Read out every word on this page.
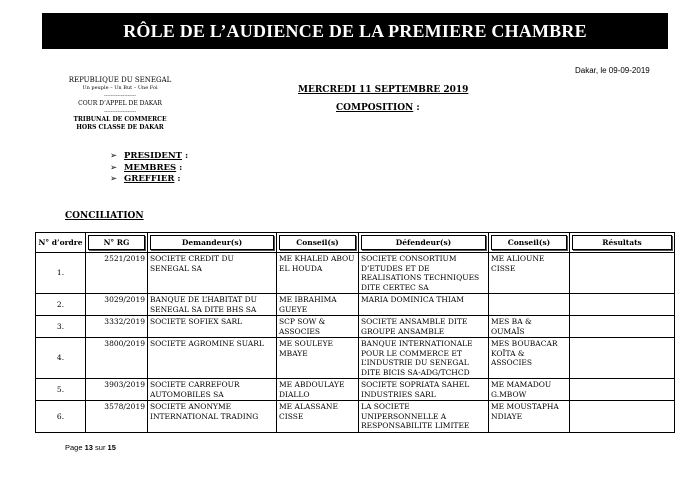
RÔLE DE L’AUDIENCE DE LA PREMIERE CHAMBRE
REPUBLIQUE DU SENEGAL
Un peuple – Un But – Une Foi
-------------------
COUR D’APPEL DE DAKAR
-------------------
TRIBUNAL DE COMMERCE
HORS CLASSE DE DAKAR
Dakar, le 09-09-2019
MERCREDI 11 SEPTEMBRE 2019
COMPOSITION :
➢ PRESIDENT :
➢ MEMBRES :
➢ GREFFIER :
CONCILIATION
N° d’ordre	N° RG	Demandeur(s)	Conseil(s)	Défendeur(s)	Conseil(s)	Résultats

1.	2521/2019	SOCIETE CREDIT DU SENEGAL SA	ME KHALED ABOU EL HOUDA	SOCIETE CONSORTIUM D’ETUDES ET DE REALISATIONS TECHNIQUES DITE CERTEC SA	ME ALIOUNE CISSE	
2.	3029/2019	BANQUE DE L’HABITAT DU SENEGAL SA DITE BHS SA	ME IBRAHIMA GUEYE	MARIA DOMINICA THIAM		
3.	3332/2019	SOCIETE SOFIEX SARL	SCP SOW & ASSOCIES	SOCIETE ANSAMBLE DITE GROUPE ANSAMBLE	MES BA & OUMAÏS	
4.	3800/2019	SOCIETE AGROMINE SUARL	ME SOULEYE MBAYE	BANQUE INTERNATIONALE POUR LE COMMERCE ET L’INDUSTRIE DU SENEGAL DITE BICIS SA-ADG/TCHCD	MES BOUBACAR KOÏTA & ASSOCIES	
5.	3903/2019	SOCIETE CARREFOUR AUTOMOBILES SA	ME ABDOULAYE DIALLO	SOCIETE SOPRIATA SAHEL INDUSTRIES SARL	ME MAMADOU G.MBOW	
6.	3578/2019	SOCIETE ANONYME INTERNATIONAL TRADING	ME ALASSANE CISSE	LA SOCIETE UNIPERSONNELLE A RESPONSABILITE LIMITEE	ME MOUSTAPHA NDIAYE	
Page 13 sur 15
